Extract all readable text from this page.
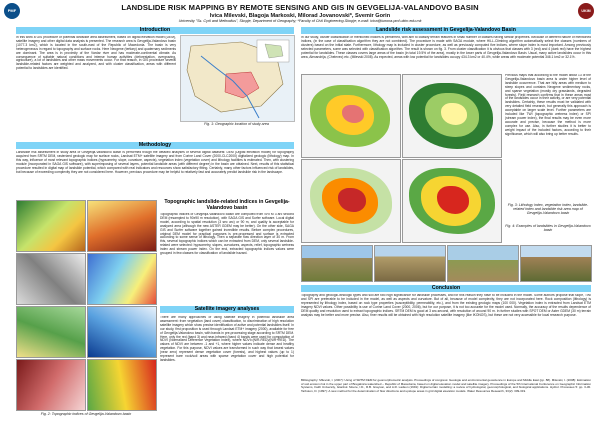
PMF	UKIM
LANDSLIDE RISK MAPPING BY REMOTE SENSING AND GIS IN GEVGELIJA-VALANDOVO BASIN
Ivica Milevski, Blagoja Markoski, Milorad Jovanovski*, Svemir Gorin
University "Ss. Cyril and Methodius", Skopje, Department of Geography; *Faculty of Civil Engineering-Skopje; e-mail: ivica@iunona.pmf.ukim.edu.mk
Introduction
In this work a GIS procedure of potential landslide area assessment, based on digital elevation model (DEM), satellite imagery and other digital data analysis is presented. The research area is Gevgelija-Valandovo basin (1077.3 km2), which is located in the south-east of the Republic of Macedonia. The basin is very heterogeneous in regard to topography and surface rocks. Here Neogene (tertiary) and quaternary sediments are dominant. The area is in proximity of the Vardar river and has moderate-continental climate. As consequence of suitable natural conditions and intense human activities (deforestation, overgrazing, agriculture), a lot of landslides and other mass movements occur. For that reason, in GIS procedure several landslide-related factors are weighted and analyzed, and with cluster classification, areas with different potential to landslides are identified.
Fig. 1: Geographic location of study area
Methodology
Landslide risk assessment in study area of Gevgelija-Valandovo Basin is performed trough the detailed analyses of several digital datasets: DEM (Digital elevation model) for topography acquired from SRTM DEM, rasterized geologic map for surface rocks, Landsat ETM+ satellite imagery and from Corine Land Cover (2000-CLC2000) digitalized geologic (lithology) map. In this way, influence of most relevant topographic indices (hypsometry, slope, curvature, aspects), vegetation index (vegetation cover) and lithology facilities is estimated. Then, with clustering module (incorporated in SAGA GIS software), with superimposing of several layers, potential landslide areas (with different degree) in the basin are obtained. Next, results of this statistical procedure resulted in digital map of landslide potential, which compared with real indicators and resources show satisfactory fitting. Certainly, many other factors influenced risk of landslides, but because of exceeding complexity they are not considered here. However, previous procedure may be helpful to relatively fast and accurately predict landslide risk in the landscape.
Fig. 2: Topographic indices of Gevgelija-Valandovo basin
Topographic landslide-related indices in Gevgelija-Valandovo basin
Topographic indices of Gevgelija-Valandovo Basin are computed from SRTM 3 arc second DEM (resampled to 90x90 m resolution), with SAGA GIS and Surfer software. Local digital model, according to spatial resolution (3 sec arc) or 90 m, and quality is acceptable for analyzed area (although the new ASTER GDEM may be better). On the other side, SAGA GIS and Surfer software together gained incredible results. Before complex procedures, original DEM model for practical purposes is pre-processed and surface is extracted according to some sense of lithology. Then a separate flow direction layer of 30 m. From this, several topographic indices which can be extracted from DEM, only several landslide-related were selected: hypsometry, slopes, curvatures, aspects, relief, topographic wetness index and stream power index. On the end, extracted topographic indices values were grouped in few classes for classification of landslide hazard.
Satellite imagery analyses
There are many approaches of using satellite imagery in potential landslide area assessment: from vegetation (land cover) classification, to discrimination of high resolution satellite imagery which show precise identification of active and potential landslides itself. In our study, first proposition is used through Landsat ETM+ imagery (2000), available for free of Gevgelija-Valandovo basin, with bands in pre-processing stage according to SRTM DEM. Here, only the red (band 3) and near-infrared (band 4) bands were used for computation of NDVI (Normalized Difference Vegetation Index), where NDVI=(NIR-RED)/(NIR+RED). The values of NDVI are between -1 and +1, where higher values indicate dense and healthy vegetation. For this purpose, NDVI values are transformed in such way that lowest values (near zero) represent dense vegetation cover (forests), and highest values (up to 1) represent bare rock/soil areas with sparse vegetation cover and high potential for landslides.
Landslide risk assessment in Gevgelija-Valandovo Basin
In our study, cluster classification of mentioned indices is performed, with aim to classify terrain features in small number of classes having similar properties. Because of different nature of mentioned indices, (in the case of classification algorithm they are not combined). The procedure is made with SAGA module, where HILL-Climbing algorithm automatically select the classes (numbers of clusters) based on the initial state. Furthermore, lithology map is included in cluster procedure, as well as previously computed five indices, where slope index is most important. Among previously selected parameters, some was selected with classification algorithm. The result is shown on fig. 3. From cluster classification it is obvious that classes with 3 (red) and 4 (dark red) have the highest potential for landslides. These classes covers large areas of the basin (in total 19.5% of the area), mostly in the lower parts of Gevgelija-Valandovo Basin. Usual, many active landslides occur in this area, Alexandrija, (Chelevec) etc. (Milevski 2008). As expected, areas with low potential for landslides occupy 434.3 km2 or 40.4%, while areas with moderate potential 346.1 km2 or 32.1%.
Previous maps that according to the model about 13 of the Gevgelija-Valandovo basin area is under higher level of landslide occurrence. That are hilly areas with medium to steep slopes and contains Neogene sedimentary rocks, and sparse vegetation (mostly dry grasslands, degraded forests). Field research confirms that in these areas most of the landslides occur in their activity, or are very potential landslides. Certainly, these results must be validated with very detailed field research, but generally this approach is acceptable on larger scale level. Further parameters are included like TWI (topographic wetness index) or SPI (stream power index), the final results may be even more accurate and precise, because the method is more complex for use. Also, in further studies it is better to weight impact of the included factors, according to their significance, which will also bring up better results.
Fig. 3: Lithology index, vegetation index, landslide-related index and landslide risk area map of Gevgelija-Valandovo basin
Fig. 4: Examples of landslides in Gevgelija-Valandovo basin
Conclusion
Topography and geologic-lithologic types and soil are two high significance for landslide processes, and for this reason they have to be included in the model. Some authors propose that slope, TWI and SPI are preferable to be included in the model, as well as aspects and curvature. But of all, because of model complexity, they are not incorporated here. Rock composition (lithology) is represented by lithology index, based on rock type properties (susceptibility, permeability, etc.), and from the existing geologic maps (100 000). Vegetation index is extracted from Landsat ETM imagery NDVI values. Other possibility is use of Corine Land Cover (2000, 2006), but for our purpose, it is not too accurate for the model used. Normally, the accuracy of the results dependence of DEM quality and resolution used to extract topographic indices. SRTM DEM is good at 3 arc-second, with resolution of around 90 m. In further studies with SPOT DEM or Aster GDEM (30 m) terrain analysis may be better and more precise. Also, finer results will be obtained with high resolution satellite imagery (like IKONOS), but these are not very accessible for local research purpose.
Bibliography: Milevski, I. (2007): Using of SRTM DEM for geomorphometric analysis. Proceedings of congress: Geologie and environmental geoscience in Europe and Middle East (pp. 88). Milevski, I. (2008): Estimation of soil erosion risk in the upper part of Bregalnica watershed – Republic of Macedonia, based on digital elevation model and satellite imagery. Proceedings of the 5th International Conference on Geographic Information Systems, Fatih University, Istanbul. Moore, I.D., R.B. Grayson, and A.R. Ladson (1991): Digital terrain modelling: a review of hydrological, geomorphological, and biological applications. Hydrol. Processes 5: pp. 3-30. Tarboton, D. (1997): A new method for the determination of flow directions and upslope areas in grid digital elevation models. Water Resources Research, 33(2): 309-319.
